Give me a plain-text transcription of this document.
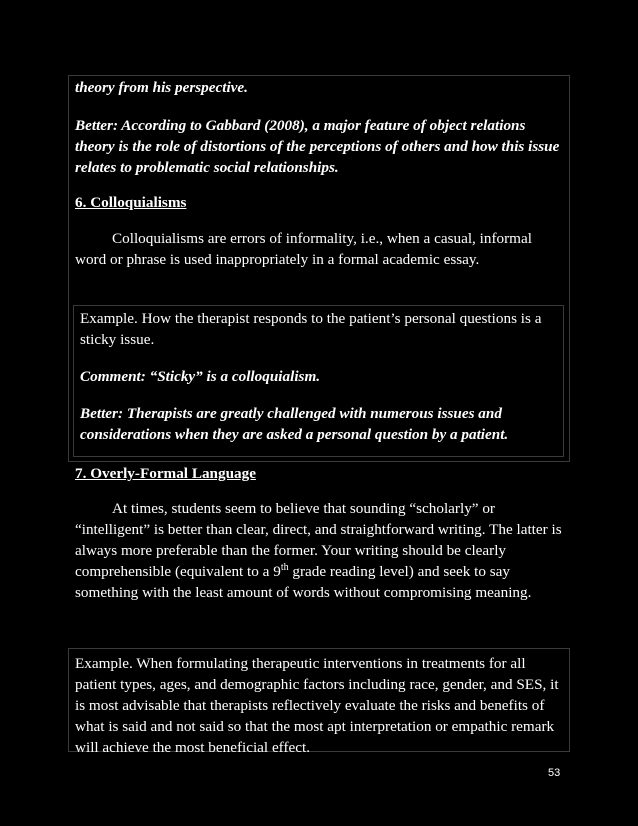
theory from his perspective.

Better: According to Gabbard (2008), a major feature of object relations theory is the role of distortions of the perceptions of others and how this issue relates to problematic social relationships.

6. Colloquialisms

Colloquialisms are errors of informality, i.e., when a casual, informal word or phrase is used inappropriately in a formal academic essay.

Example. How the therapist responds to the patient’s personal questions is a sticky issue.

Comment: “Sticky” is a colloquialism.

Better: Therapists are greatly challenged with numerous issues and considerations when they are asked a personal question by a patient.

7. Overly-Formal Language

At times, students seem to believe that sounding “scholarly” or “intelligent” is better than clear, direct, and straightforward writing. The latter is always more preferable than the former. Your writing should be clearly comprehensible (equivalent to a 9th grade reading level) and seek to say something with the least amount of words without compromising meaning.

Example. When formulating therapeutic interventions in treatments for all patient types, ages, and demographic factors including race, gender, and SES, it is most advisable that therapists reflectively evaluate the risks and benefits of what is said and not said so that the most apt interpretation or empathic remark will achieve the most beneficial effect.

53
